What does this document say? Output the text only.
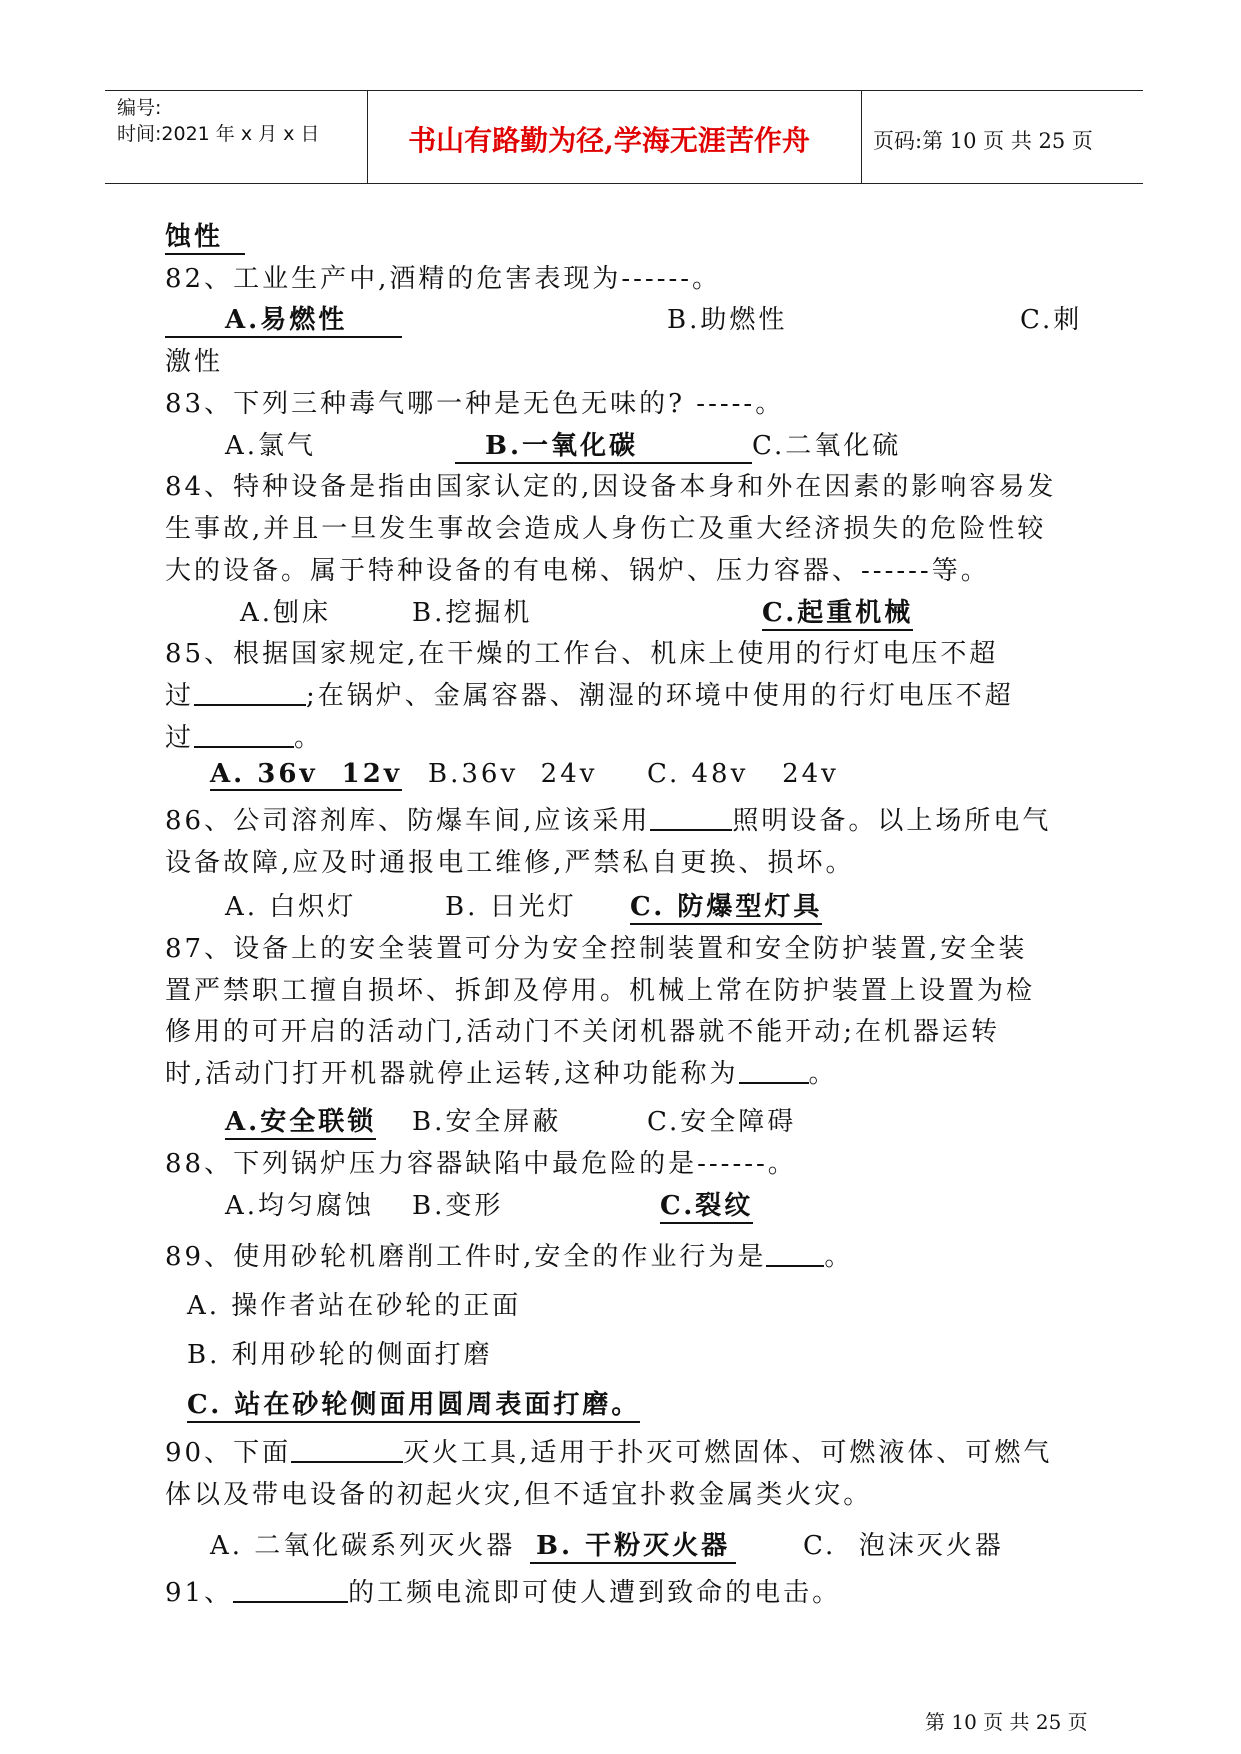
编号:
时间:2021 年 x 月 x 日	书山有路勤为径,学海无涯苦作舟	页码:第 10 页 共 25 页
蚀性
82、工业生产中,酒精的危害表现为------。
A.易燃性	B.助燃性	C.刺
激性
83、下列三种毒气哪一种是无色无味的? -----。
A.氯气	B.一氧化碳	C.二氧化硫
84、特种设备是指由国家认定的,因设备本身和外在因素的影响容易发
生事故,并且一旦发生事故会造成人身伤亡及重大经济损失的危险性较
大的设备。属于特种设备的有电梯、锅炉、压力容器、------等。
A.刨床	B.挖掘机	C.起重机械
85、根据国家规定,在干燥的工作台、机床上使用的行灯电压不超
过	;在锅炉、金属容器、潮湿的环境中使用的行灯电压不超
过	。
A. 36v  12v B.36v  24v C. 48v   24v
86、公司溶剂库、防爆车间,应该采用	照明设备。以上场所电气
设备故障,应及时通报电工维修,严禁私自更换、损坏。
A. 白炽灯	B. 日光灯 C. 防爆型灯具
87、设备上的安全装置可分为安全控制装置和安全防护装置,安全装
置严禁职工擅自损坏、拆卸及停用。机械上常在防护装置上设置为检
修用的可开启的活动门,活动门不关闭机器就不能开动;在机器运转
时,活动门打开机器就停止运转,这种功能称为	。
A.安全联锁 B.安全屏蔽	C.安全障碍
88、下列锅炉压力容器缺陷中最危险的是------。
A.均匀腐蚀 B.变形	C.裂纹
89、使用砂轮机磨削工件时,安全的作业行为是 。
A. 操作者站在砂轮的正面
B. 利用砂轮的侧面打磨
C. 站在砂轮侧面用圆周表面打磨。
90、下面	灭火工具,适用于扑灭可燃固体、可燃液体、可燃气
体以及带电设备的初起火灾,但不适宜扑救金属类火灾。
A. 二氧化碳系列灭火器 B. 干粉灭火器	C.  泡沫灭火器
91、	的工频电流即可使人遭到致命的电击。
第 10 页 共 25 页
